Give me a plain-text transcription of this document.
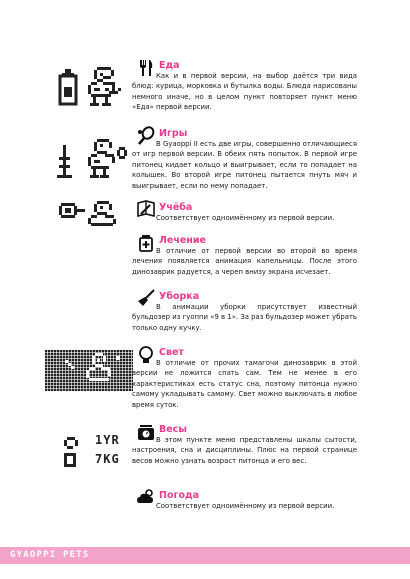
Еда
Как и в первой версии, на выбор даётся три вида блюд: курица, морковка и бутылка воды. Блюда нарисованы немного иначе, но в целом пункт повторяет пункт меню «Еда» первой версии.
Игры
В Gyaoppi II есть две игры, совершенно отличающиеся от игр первой версии. В обеих пять попыток. В первой игре питонец кидает кольцо и выигрывает, если то попадает на колышек. Во второй игре питонец пытается пнуть мяч и выигрывает, если по нему попадает.
Учёба
Соответствует одноимённому из первой версии.
Лечение
В отличие от первой версии во второй во время лечения появляется анимация капельницы. После этого динозаврик радуется, а череп внизу экрана исчезает.
Уборка
В анимации уборки присутствует известный бульдозер из гуоппи «9 в 1». За раз бульдозер может убрать только одну кучку.
Свет
В отличие от прочих тамагочи динозаврик в этой версии не ложится спать сам. Тем не менее в его характеристиках есть статус сна, поэтому питонца нужно самому укладывать самому. Свет можно выключать в любое время суток.
1YR
7KG
Весы
В этом пункте меню представлены шкалы сытости, настроения, сна и дисциплины. Плюс на первой странице весов можно узнать возраст питонца и его вес.
Погода
Соответствует одноимённому из первой версии.
GYAOPPI PETS
